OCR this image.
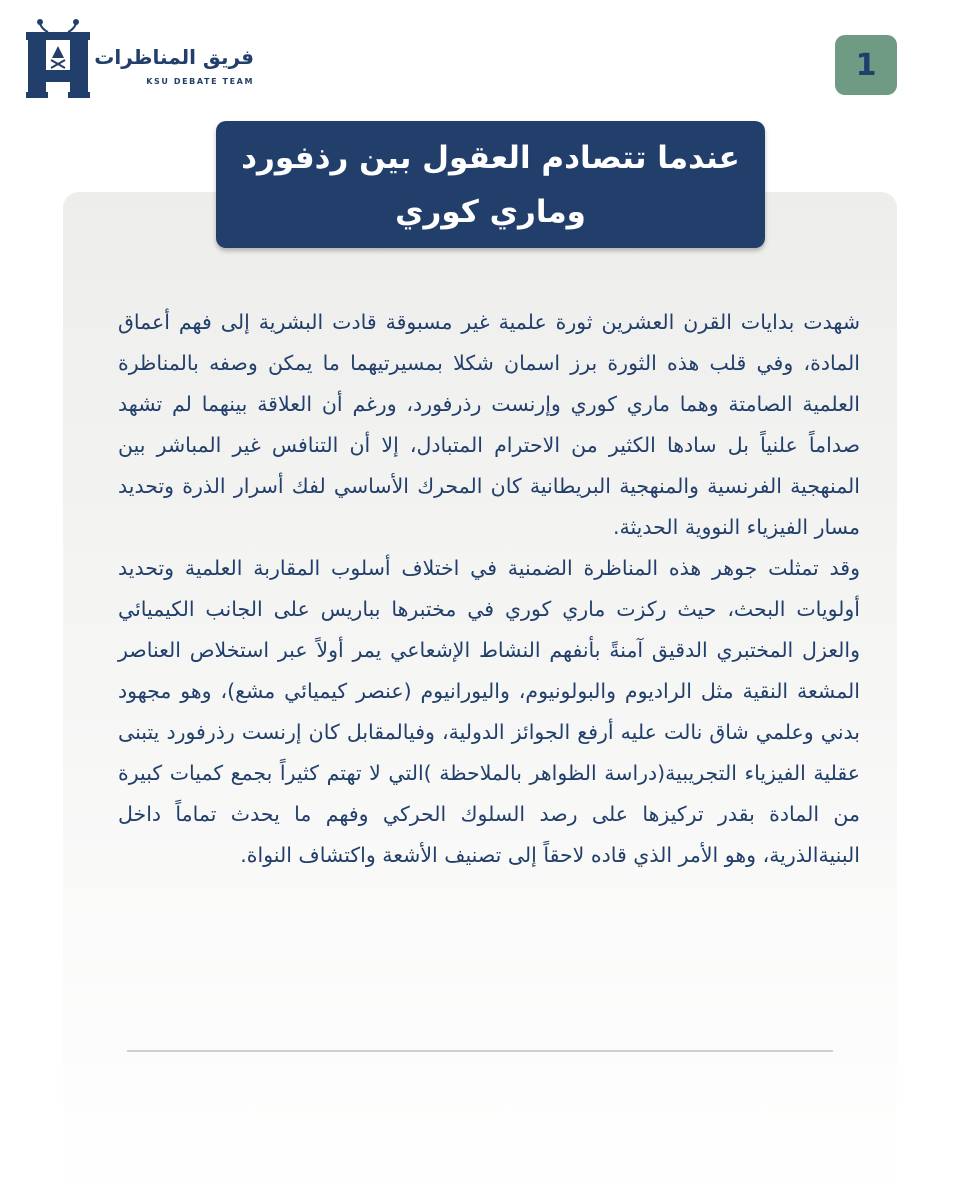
فريق المناظرات
KSU DEBATE TEAM	1
عندما تتصادم العقول بين رذفورد وماري كوري

شهدت بدايات القرن العشرين ثورة علمية غير مسبوقة قادت البشرية إلى فهم أعماق المادة، وفي قلب هذه الثورة برز اسمان شكلا بمسيرتيهما ما يمكن وصفه بالمناظرة العلمية الصامتة وهما ماري كوري وإرنست رذرفورد، ورغم أن العلاقة بينهما لم تشهد صداماً علنياً بل سادها الكثير من الاحترام المتبادل، إلا أن التنافس غير المباشر بين المنهجية الفرنسية والمنهجية البريطانية كان المحرك الأساسي لفك أسرار الذرة وتحديد مسار الفيزياء النووية الحديثة.

وقد تمثلت جوهر هذه المناظرة الضمنية في اختلاف أسلوب المقاربة العلمية وتحديد أولويات البحث، حيث ركزت ماري كوري في مختبرها بباريس على الجانب الكيميائي والعزل المختبري الدقيق آمنةً بأنفهم النشاط الإشعاعي يمر أولاً عبر استخلاص العناصر المشعة النقية مثل الراديوم والبولونيوم، واليورانيوم (عنصر كيميائي مشع)، وهو مجهود بدني وعلمي شاق نالت عليه أرفع الجوائز الدولية، وفيالمقابل كان إرنست رذرفورد يتبنى عقلية الفيزياء التجريبية(دراسة الظواهر بالملاحظة )التي لا تهتم كثيراً بجمع كميات كبيرة من المادة بقدر تركيزها على رصد السلوك الحركي وفهم ما يحدث تماماً داخل البنيةالذرية، وهو الأمر الذي قاده لاحقاً إلى تصنيف الأشعة واكتشاف النواة.
